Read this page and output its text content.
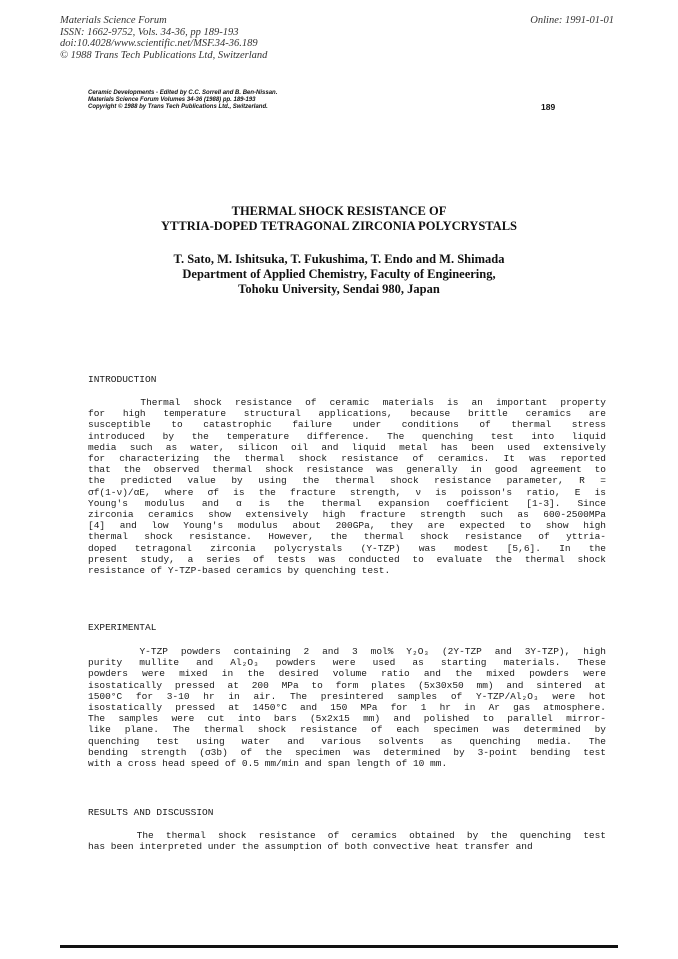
Materials Science Forum
ISSN: 1662-9752, Vols. 34-36, pp 189-193
doi:10.4028/www.scientific.net/MSF.34-36.189
© 1988 Trans Tech Publications Ltd, Switzerland
Online: 1991-01-01
Ceramic Developments - Edited by C.C. Sorrell and B. Ben-Nissan.
Materials Science Forum Volumes 34-36 (1988) pp. 189-193
Copyright © 1988 by Trans Tech Publications Ltd., Switzerland.	189
THERMAL SHOCK RESISTANCE OF
YTTRIA-DOPED TETRAGONAL ZIRCONIA POLYCRYSTALS
T. Sato, M. Ishitsuka, T. Fukushima, T. Endo and M. Shimada
Department of Applied Chemistry, Faculty of Engineering,
Tohoku University, Sendai 980, Japan
INTRODUCTION
Thermal shock resistance of ceramic materials is an important property
for high temperature structural applications, because brittle ceramics are
susceptible to catastrophic failure under conditions of thermal stress
introduced by the temperature difference. The quenching test into liquid
media such as water, silicon oil and liquid metal has been used extensively
for characterizing the thermal shock resistance of ceramics. It was reported
that the observed thermal shock resistance was generally in good agreement to
the predicted value by using the thermal shock resistance parameter, R =
σf(1-ν)/αE, where σf is the fracture strength, ν is poisson's ratio, E is
Young's modulus and α is the thermal expansion coefficient [1-3]. Since
zirconia ceramics show extensively high fracture strength such as 600-2500MPa
[4] and low Young's modulus about 200GPa, they are expected to show high
thermal shock resistance. However, the thermal shock resistance of yttria-
doped tetragonal zirconia polycrystals (Y-TZP) was modest [5,6]. In the
present study, a series of tests was conducted to evaluate the thermal shock
resistance of Y-TZP-based ceramics by quenching test.
EXPERIMENTAL
Y-TZP powders containing 2 and 3 mol% Y₂O₃ (2Y-TZP and 3Y-TZP), high
purity mullite and Al₂O₃ powders were used as starting materials. These
powders were mixed in the desired volume ratio and the mixed powders were
isostatically pressed at 200 MPa to form plates (5x30x50 mm) and sintered at
1500°C for 3-10 hr in air. The presintered samples of Y-TZP/Al₂O₃ were hot
isostatically pressed at 1450°C and 150 MPa for 1 hr in Ar gas atmosphere.
The samples were cut into bars (5x2x15 mm) and polished to parallel mirror-
like plane. The thermal shock resistance of each specimen was determined by
quenching test using water and various solvents as quenching media. The
bending strength (σ3b) of the specimen was determined by 3-point bending test
with a cross head speed of 0.5 mm/min and span length of 10 mm.
RESULTS AND DISCUSSION
The thermal shock resistance of ceramics obtained by the quenching test
has been interpreted under the assumption of both convective heat transfer and
